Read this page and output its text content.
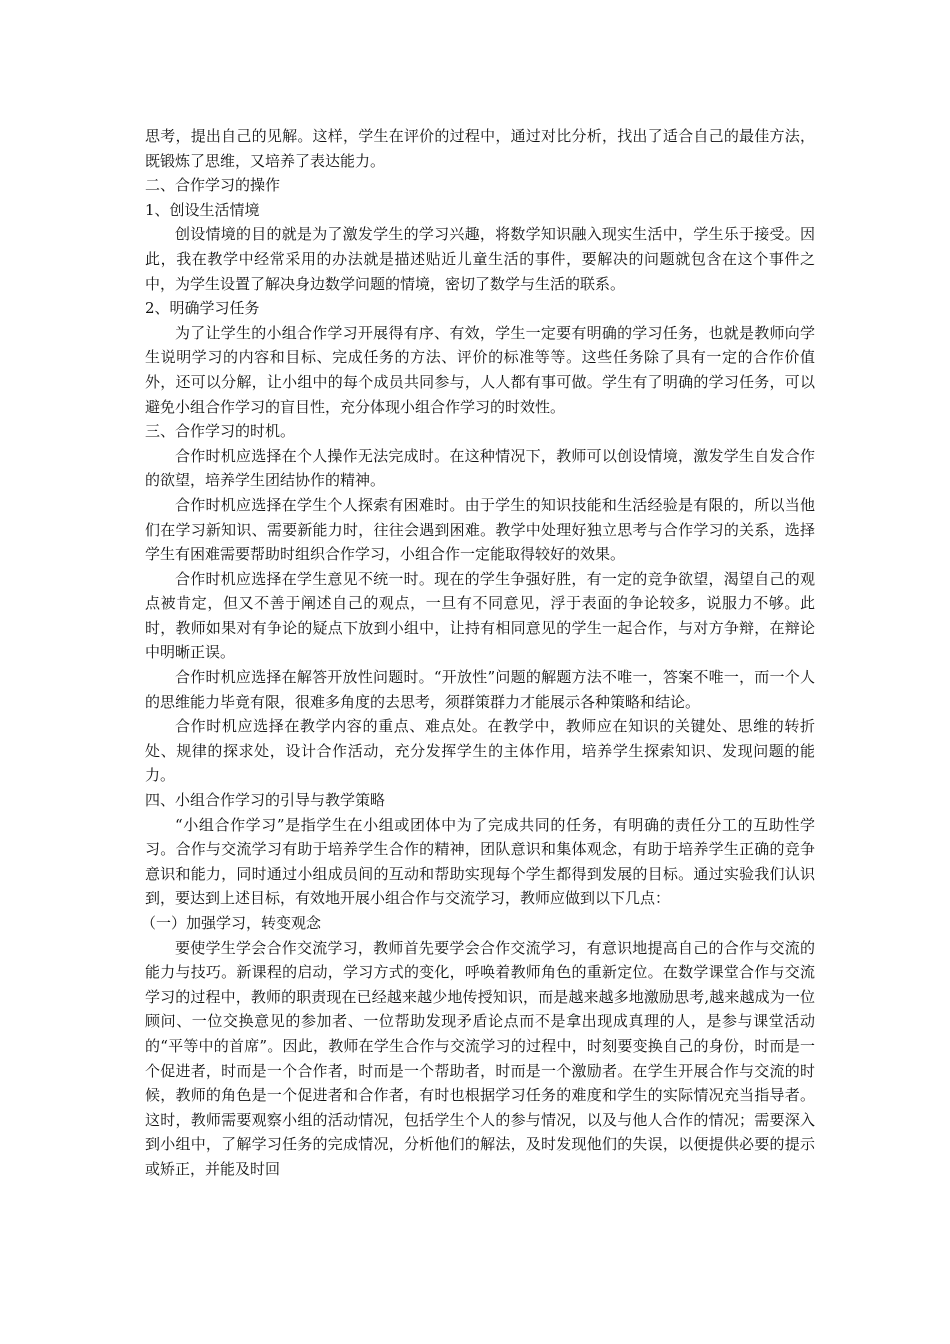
思考，提出自己的见解。这样，学生在评价的过程中，通过对比分析，找出了适合自己的最佳方法，既锻炼了思维，又培养了表达能力。

二、合作学习的操作

1、创设生活情境

创设情境的目的就是为了激发学生的学习兴趣，将数学知识融入现实生活中，学生乐于接受。因此，我在教学中经常采用的办法就是描述贴近儿童生活的事件，要解决的问题就包含在这个事件之中，为学生设置了解决身边数学问题的情境，密切了数学与生活的联系。

2、明确学习任务

为了让学生的小组合作学习开展得有序、有效，学生一定要有明确的学习任务，也就是教师向学生说明学习的内容和目标、完成任务的方法、评价的标准等等。这些任务除了具有一定的合作价值外，还可以分解，让小组中的每个成员共同参与，人人都有事可做。学生有了明确的学习任务，可以避免小组合作学习的盲目性，充分体现小组合作学习的时效性。

三、合作学习的时机。

合作时机应选择在个人操作无法完成时。在这种情况下，教师可以创设情境，激发学生自发合作的欲望，培养学生团结协作的精神。

合作时机应选择在学生个人探索有困难时。由于学生的知识技能和生活经验是有限的，所以当他们在学习新知识、需要新能力时，往往会遇到困难。教学中处理好独立思考与合作学习的关系，选择学生有困难需要帮助时组织合作学习，小组合作一定能取得较好的效果。

合作时机应选择在学生意见不统一时。现在的学生争强好胜，有一定的竞争欲望，渴望自己的观点被肯定，但又不善于阐述自己的观点，一旦有不同意见，浮于表面的争论较多，说服力不够。此时，教师如果对有争论的疑点下放到小组中，让持有相同意见的学生一起合作，与对方争辩，在辩论中明晰正误。

合作时机应选择在解答开放性问题时。“开放性”问题的解题方法不唯一，答案不唯一，而一个人的思维能力毕竟有限，很难多角度的去思考，须群策群力才能展示各种策略和结论。

合作时机应选择在教学内容的重点、难点处。在教学中，教师应在知识的关键处、思维的转折处、规律的探求处，设计合作活动，充分发挥学生的主体作用，培养学生探索知识、发现问题的能力。

四、小组合作学习的引导与教学策略

“小组合作学习”是指学生在小组或团体中为了完成共同的任务，有明确的责任分工的互助性学习。合作与交流学习有助于培养学生合作的精神，团队意识和集体观念，有助于培养学生正确的竞争意识和能力，同时通过小组成员间的互动和帮助实现每个学生都得到发展的目标。通过实验我们认识到，要达到上述目标，有效地开展小组合作与交流学习，教师应做到以下几点：

（一）加强学习，转变观念

要使学生学会合作交流学习，教师首先要学会合作交流学习，有意识地提高自己的合作与交流的能力与技巧。新课程的启动，学习方式的变化，呼唤着教师角色的重新定位。在数学课堂合作与交流学习的过程中，教师的职责现在已经越来越少地传授知识，而是越来越多地激励思考,越来越成为一位顾问、一位交换意见的参加者、一位帮助发现矛盾论点而不是拿出现成真理的人，是参与课堂活动的“平等中的首席”。因此，教师在学生合作与交流学习的过程中，时刻要变换自己的身份，时而是一个促进者，时而是一个合作者，时而是一个帮助者，时而是一个激励者。在学生开展合作与交流的时候，教师的角色是一个促进者和合作者，有时也根据学习任务的难度和学生的实际情况充当指导者。这时，教师需要观察小组的活动情况，包括学生个人的参与情况，以及与他人合作的情况；需要深入到小组中，了解学习任务的完成情况，分析他们的解法，及时发现他们的失误，以便提供必要的提示或矫正，并能及时回
